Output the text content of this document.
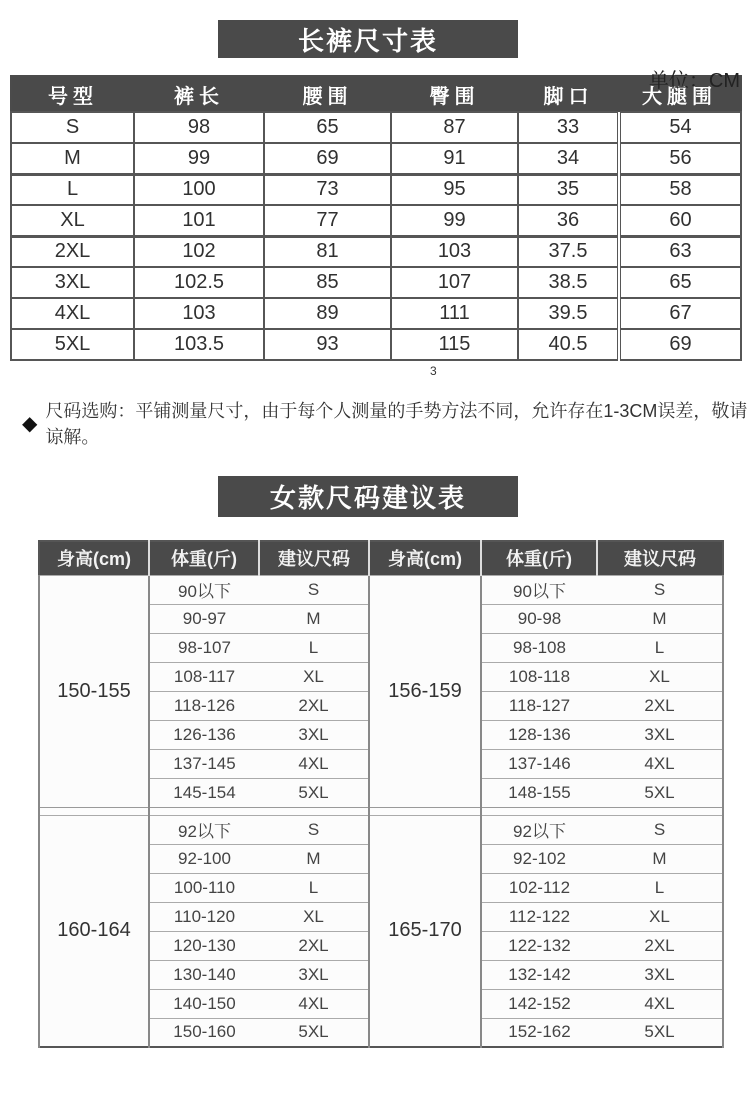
长裤尺寸表
单位：CM
号型	裤长	腰围	臀围	脚口	大腿围
S	98	65	87	33	54
M	99	69	91	34	56
L	100	73	95	35	58
XL	101	77	99	36	60
2XL	102	81	103	37.5	63
3XL	102.5	85	107	38.5	65
4XL	103	89	111	39.5	67
5XL	103.5	93	115	40.5	69
3
◆
尺码选购：平铺测量尺寸，由于每个人测量的手势方法不同，允许存在1-3CM误差，敬请谅解。
女款尺码建议表
身高(cm)	体重(斤)	建议尺码	身高(cm)	体重(斤)	建议尺码
150-155	90以下	S	156-159	90以下	S
	90-97	M		90-98	M
	98-107	L		98-108	L
	108-117	XL		108-118	XL
	118-126	2XL		118-127	2XL
	126-136	3XL		128-136	3XL
	137-145	4XL		137-146	4XL
	145-154	5XL		148-155	5XL

160-164	92以下	S	165-170	92以下	S
	92-100	M		92-102	M
	100-110	L		102-112	L
	110-120	XL		112-122	XL
	120-130	2XL		122-132	2XL
	130-140	3XL		132-142	3XL
	140-150	4XL		142-152	4XL
	150-160	5XL		152-162	5XL
